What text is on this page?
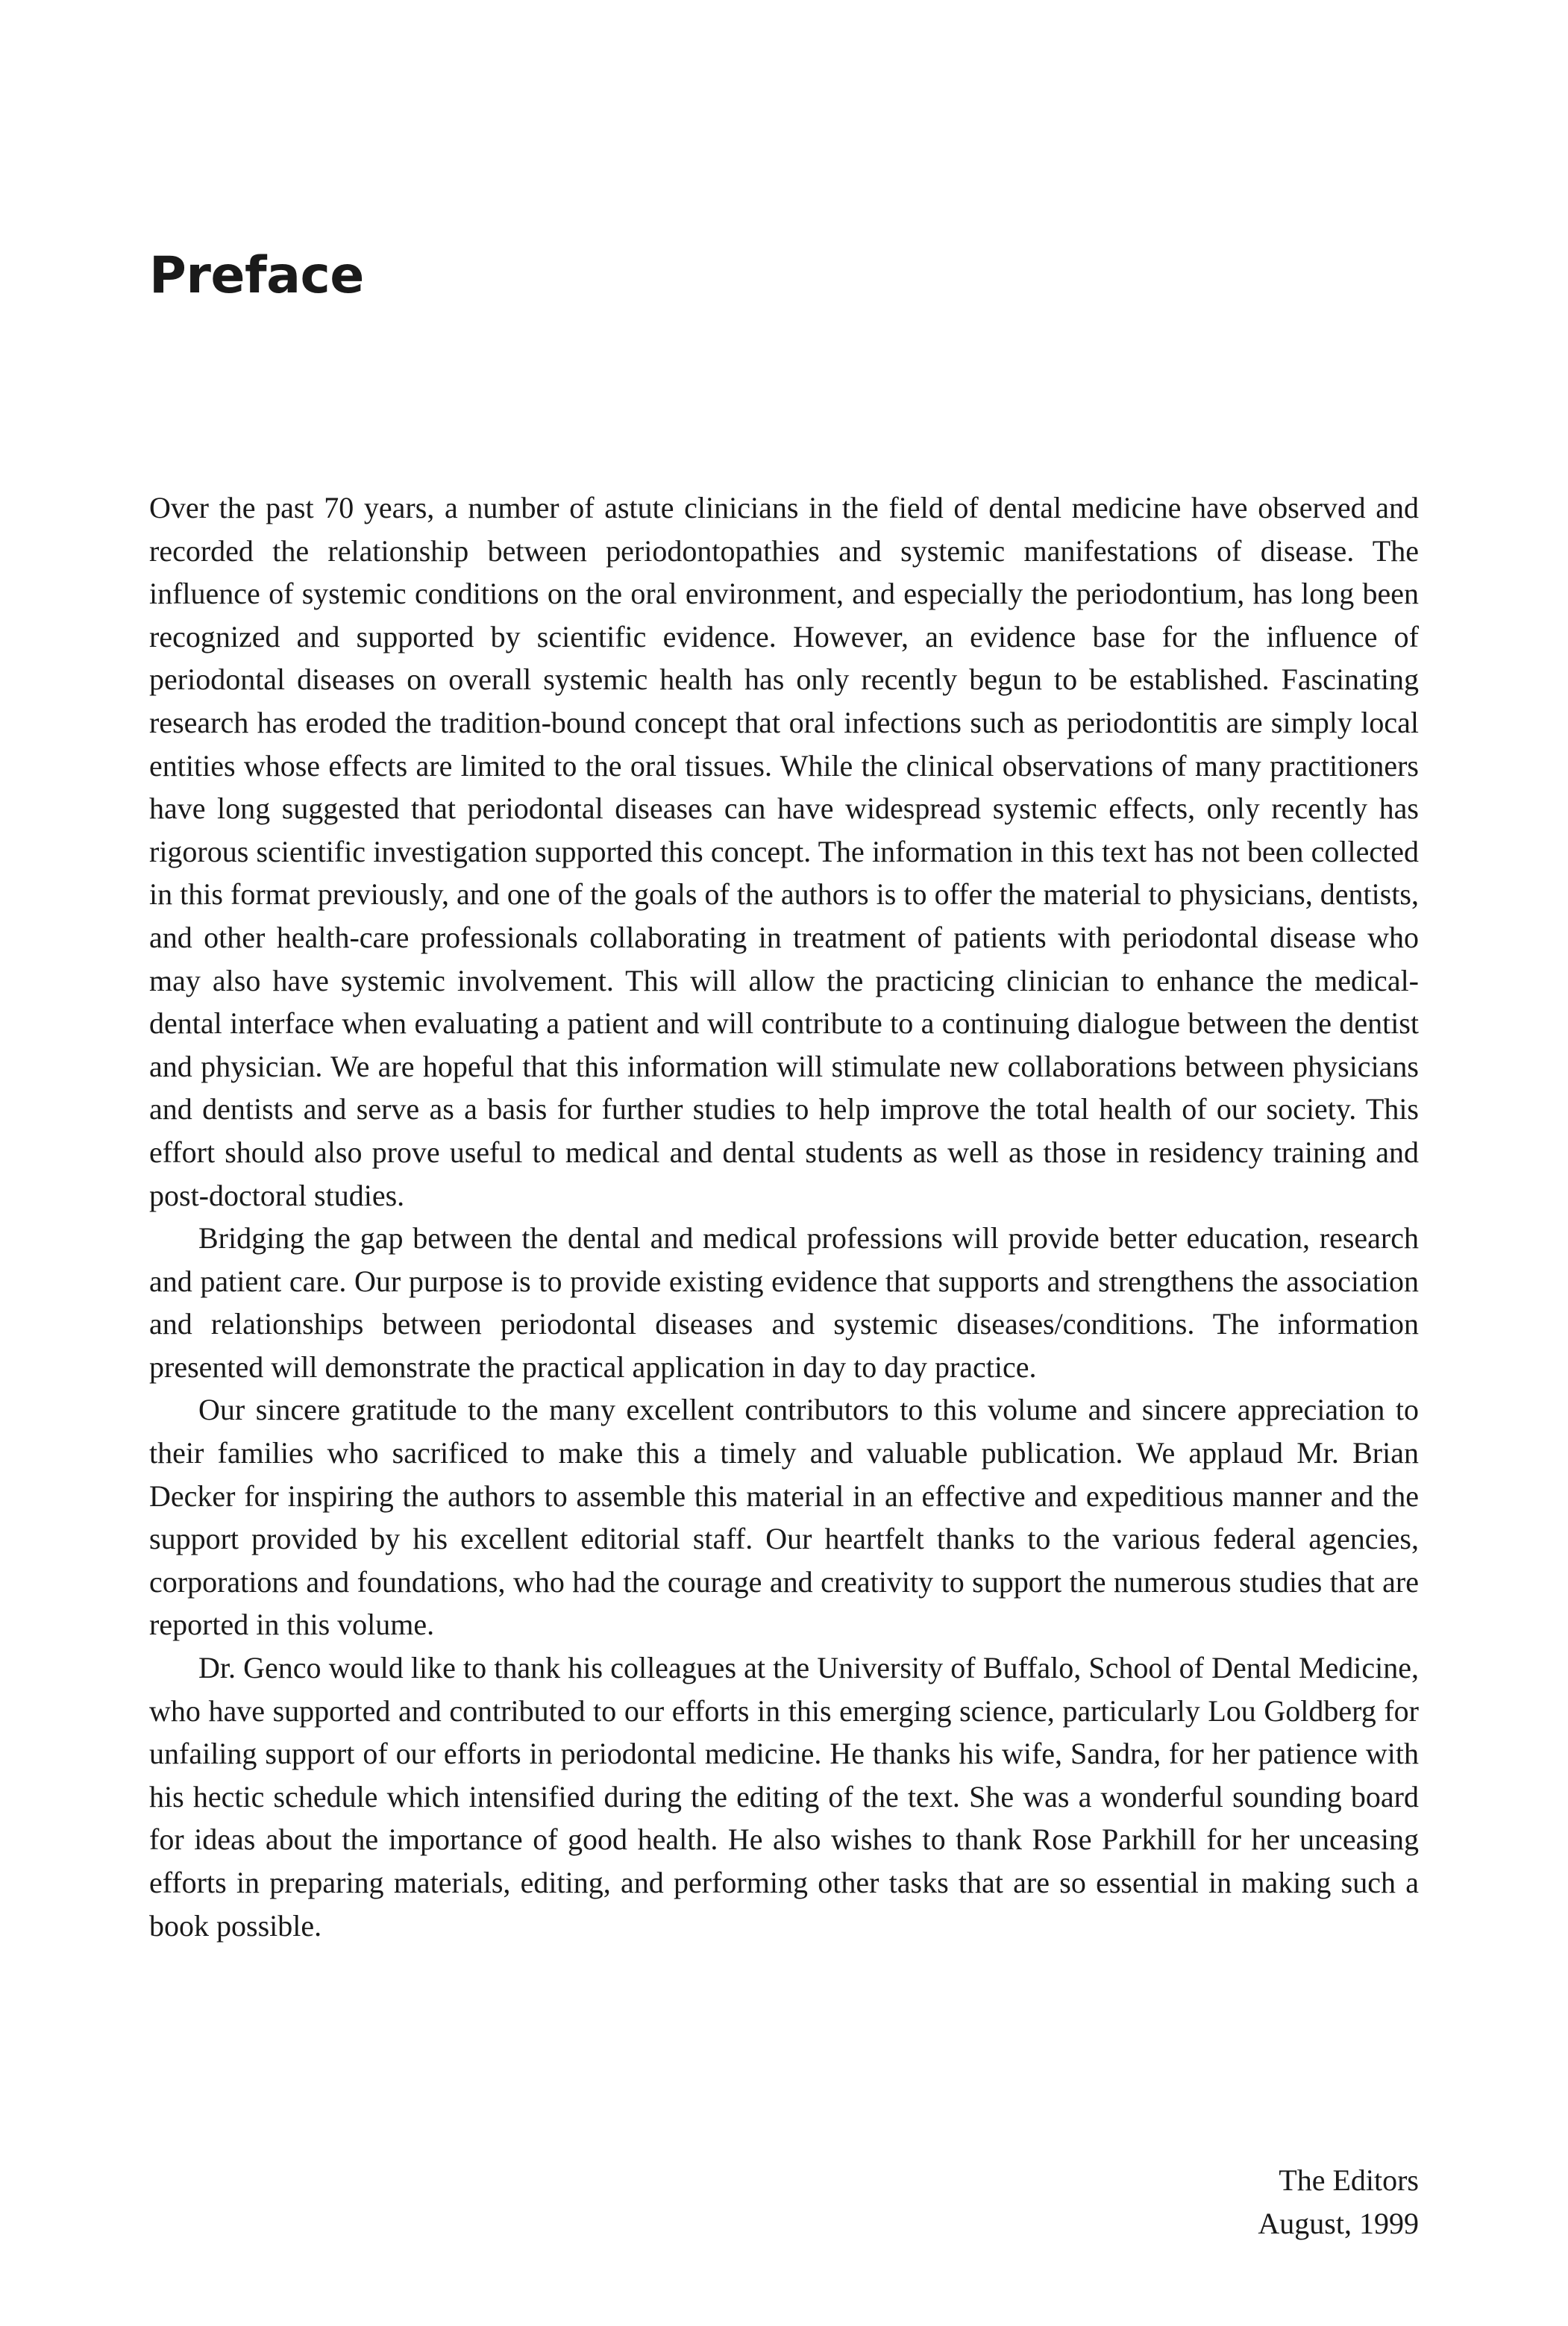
Preface

Over the past 70 years, a number of astute clinicians in the field of dental medicine have observed and recorded the relationship between periodontopathies and systemic manifestations of disease. The influence of systemic conditions on the oral environment, and especially the periodontium, has long been recognized and supported by scientific evidence. However, an evidence base for the influence of periodontal diseases on overall systemic health has only recently begun to be established. Fascinating research has eroded the tradition-bound concept that oral infections such as periodontitis are simply local entities whose effects are limited to the oral tissues. While the clinical observations of many practitioners have long suggested that periodontal diseases can have widespread systemic effects, only recently has rigorous scientific investigation supported this concept. The information in this text has not been collected in this format previously, and one of the goals of the authors is to offer the material to physicians, dentists, and other health-care professionals collaborating in treatment of patients with periodontal disease who may also have systemic involvement. This will allow the practicing clinician to enhance the medical-dental interface when evaluating a patient and will contribute to a continuing dialogue between the dentist and physician. We are hopeful that this information will stimulate new collaborations between physicians and dentists and serve as a basis for further studies to help improve the total health of our society. This effort should also prove useful to medical and dental students as well as those in residency training and post-doctoral studies.

Bridging the gap between the dental and medical professions will provide better education, research and patient care. Our purpose is to provide existing evidence that supports and strengthens the association and relationships between periodontal diseases and systemic diseases/conditions. The information presented will demonstrate the practical application in day to day practice.

Our sincere gratitude to the many excellent contributors to this volume and sincere appreciation to their families who sacrificed to make this a timely and valuable publication. We applaud Mr. Brian Decker for inspiring the authors to assemble this material in an effective and expeditious manner and the support provided by his excellent editorial staff. Our heartfelt thanks to the various federal agencies, corporations and foundations, who had the courage and creativity to support the numerous studies that are reported in this volume.

Dr. Genco would like to thank his colleagues at the University of Buffalo, School of Dental Medicine, who have supported and contributed to our efforts in this emerging science, particularly Lou Goldberg for unfailing support of our efforts in periodontal medicine. He thanks his wife, Sandra, for her patience with his hectic schedule which intensified during the editing of the text. She was a wonderful sounding board for ideas about the importance of good health. He also wishes to thank Rose Parkhill for her unceasing efforts in preparing materials, editing, and performing other tasks that are so essential in making such a book possible.

The Editors
August, 1999
